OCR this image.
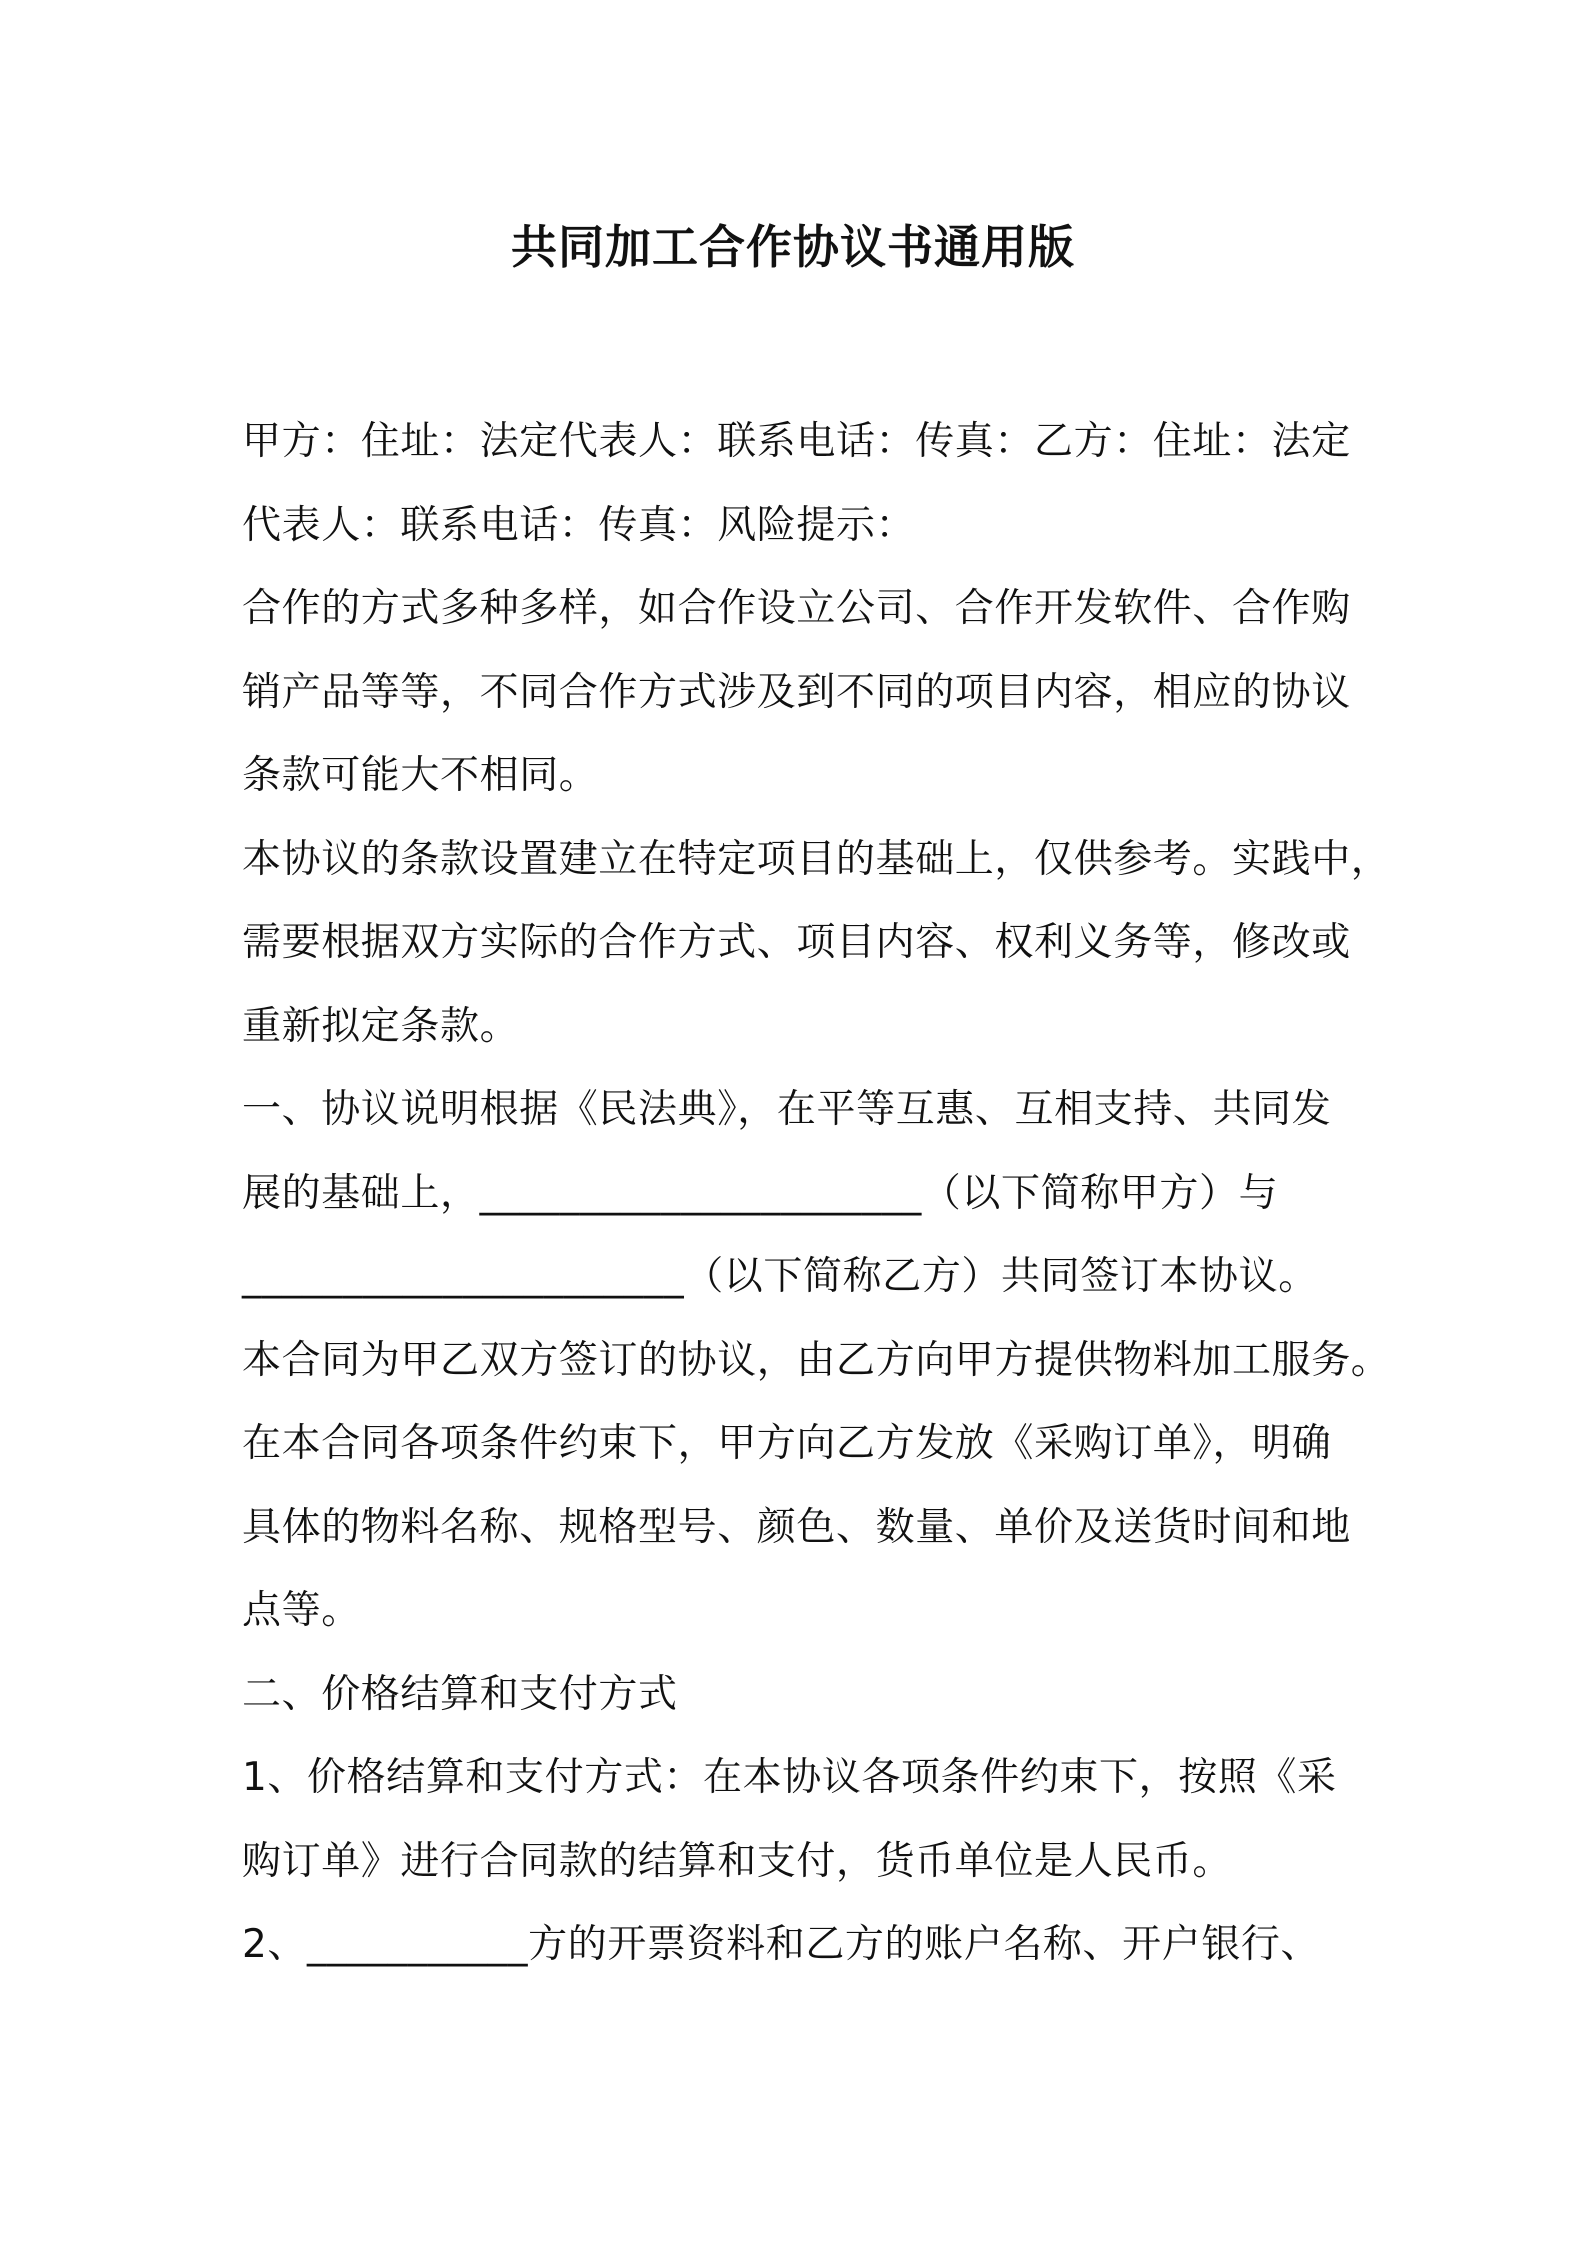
共同加工合作协议书通用版
甲方：住址：法定代表人：联系电话：传真：乙方：住址：法定
代表人：联系电话：传真：风险提示：
合作的方式多种多样，如合作设立公司、合作开发软件、合作购
销产品等等，不同合作方式涉及到不同的项目内容，相应的协议
条款可能大不相同。
本协议的条款设置建立在特定项目的基础上，仅供参考。实践中，
需要根据双方实际的合作方式、项目内容、权利义务等，修改或
重新拟定条款。
一、协议说明根据《民法典》，在平等互惠、互相支持、共同发
展的基础上，______________________（以下简称甲方）与
______________________（以下简称乙方）共同签订本协议。
本合同为甲乙双方签订的协议，由乙方向甲方提供物料加工服务。
在本合同各项条件约束下，甲方向乙方发放《采购订单》，明确
具体的物料名称、规格型号、颜色、数量、单价及送货时间和地
点等。
二、价格结算和支付方式
1、价格结算和支付方式：在本协议各项条件约束下，按照《采
购订单》进行合同款的结算和支付，货币单位是人民币。
2、___________方的开票资料和乙方的账户名称、开户银行、
